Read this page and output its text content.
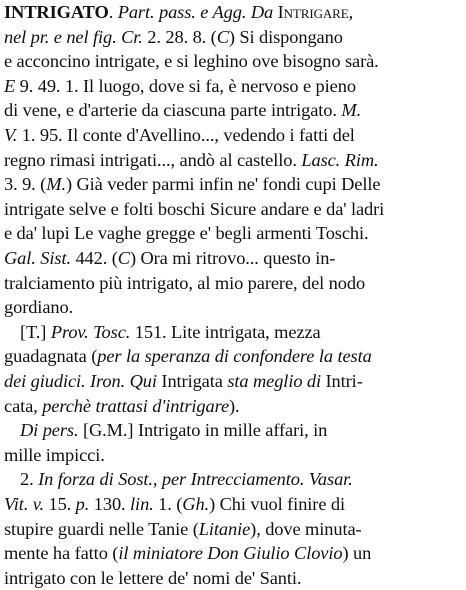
INTRIGATO. Part. pass. e Agg. Da Intrigare,
nel pr. e nel fig. Cr. 2. 28. 8. (C) Si dispongano
e acconcino intrigate, e si leghino ove bisogno sarà.
E 9. 49. 1. Il luogo, dove si fa, è nervoso e pieno
di vene, e d'arterie da ciascuna parte intrigato. M.
V. 1. 95. Il conte d'Avellino..., vedendo i fatti del
regno rimasi intrigati..., andò al castello. Lasc. Rim.
3. 9. (M.) Già veder parmi infin ne' fondi cupi Delle
intrigate selve e folti boschi Sicure andare e da' ladri
e da' lupi Le vaghe gregge e' begli armenti Toschi.
Gal. Sist. 442. (C) Ora mi ritrovo... questo in-
tralciamento più intrigato, al mio parere, del nodo
gordiano.
[T.] Prov. Tosc. 151. Lite intrigata, mezza
guadagnata (per la speranza di confondere la testa
dei giudici. Iron. Qui Intrigata sta meglio di Intri-
cata, perchè trattasi d'intrigare).
Di pers. [G.M.] Intrigato in mille affari, in
mille impicci.
2. In forza di Sost., per Intrecciamento. Vasar.
Vit. v. 15. p. 130. lin. 1. (Gh.) Chi vuol finire di
stupire guardi nelle Tanie (Litanie), dove minuta-
mente ha fatto (il miniatore Don Giulio Clovio) un
intrigato con le lettere de' nomi de' Santi.
